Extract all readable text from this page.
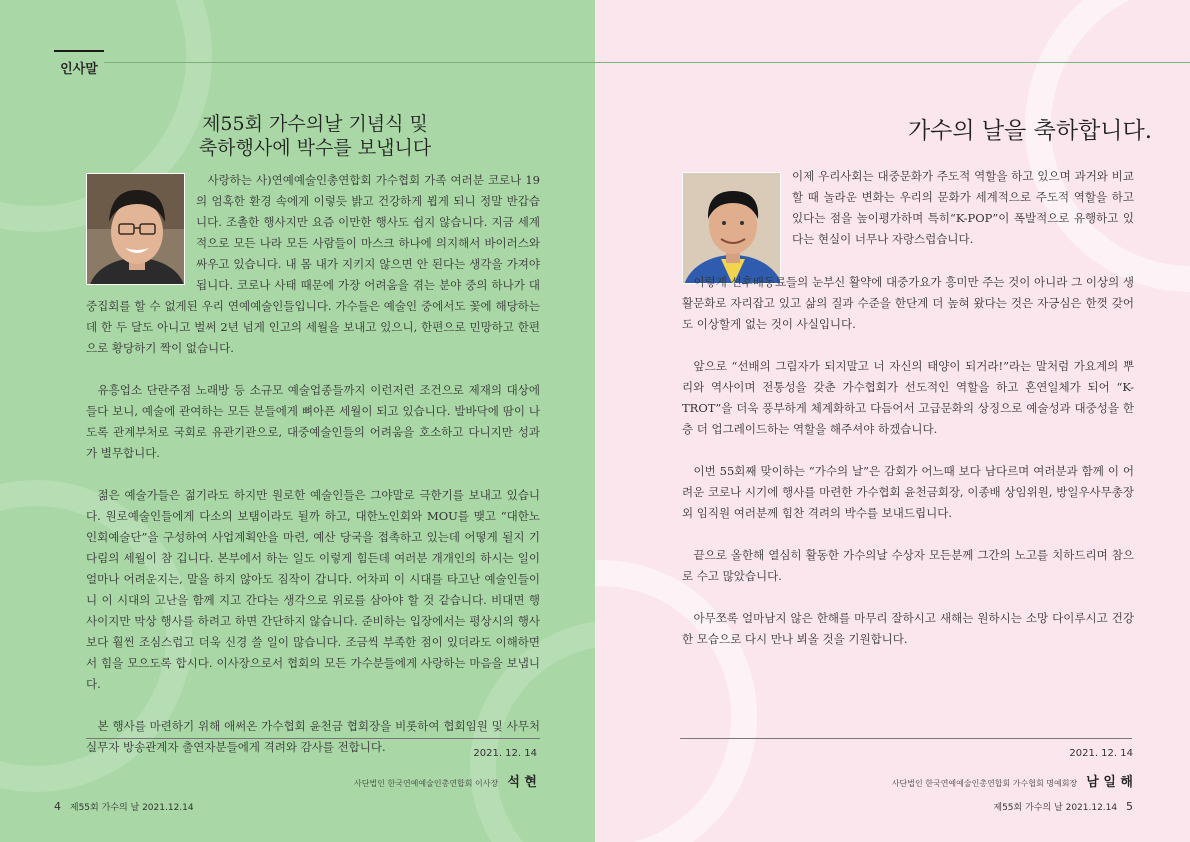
인사말
제55회 가수의날 기념식 및
축하행사에 박수를 보냅니다

사랑하는 사)연예예술인총연합회 가수협회 가족 여러분 코로나 19의 엄혹한 환경 속에게 이렇듯 밝고 건강하게 뵙게 되니 정말 반갑습니다. 조촐한 행사지만 요즘 이만한 행사도 쉽지 않습니다. 지금 세계적으로 모든 나라 모든 사람들이 마스크 하나에 의지해서 바이러스와 싸우고 있습니다. 내 몸 내가 지키지 않으면 안 된다는 생각을 가져야 됩니다. 코로나 사태 때문에 가장 어려움을 겪는 분야 중의 하나가 대중집회를 할 수 없게된 우리 연예예술인들입니다. 가수들은 예술인 중에서도 꽃에 해당하는데 한 두 달도 아니고 벌써 2년 넘게 인고의 세월을 보내고 있으니, 한편으로 민망하고 한편으로 황당하기 짝이 없습니다.

유흥업소 단란주점 노래방 등 소규모 예술업종들까지 이런저런 조건으로 제재의 대상에 들다 보니, 예술에 관여하는 모든 분들에게 뼈아픈 세월이 되고 있습니다. 발바닥에 땀이 나도록 관계부처로 국회로 유관기관으로, 대중예술인들의 어려움을 호소하고 다니지만 성과가 별무합니다.

젊은 예술가들은 젊기라도 하지만 원로한 예술인들은 그야말로 극한기를 보내고 있습니다. 원로예술인들에게 다소의 보탬이라도 될까 하고, 대한노인회와 MOU를 맺고 “대한노인회예술단”을 구성하여 사업계획안을 마련, 예산 당국을 접촉하고 있는데 어떻게 될지 기다림의 세월이 참 깁니다. 본부에서 하는 일도 이렇게 힘든데 여러분 개개인의 하시는 일이 얼마나 어려운지는, 말을 하지 않아도 짐작이 갑니다. 어차피 이 시대를 타고난 예술인들이니 이 시대의 고난을 함께 지고 간다는 생각으로 위로를 삼아야 할 것 같습니다. 비대면 행사이지만 막상 행사를 하려고 하면 간단하지 않습니다. 준비하는 입장에서는 평상시의 행사보다 훨씬 조심스럽고 더욱 신경 쓸 일이 많습니다. 조금씩 부족한 점이 있더라도 이해하면서 힘을 모으도록 합시다. 이사장으로서 협회의 모든 가수분들에게 사랑하는 마음을 보냅니다.

본 행사를 마련하기 위해 애써온 가수협회 윤천금 협회장을 비롯하여 협회임원 및 사무처 실무자 방송관계자 출연자분들에게 격려와 감사를 전합니다.	2021. 12. 14
사단법인 한국연예예술인총연합회 이사장 석 현
4 제55회 가수의 날 2021.12.14
가수의 날을 축하합니다.

이제 우리사회는 대중문화가 주도적 역할을 하고 있으며 과거와 비교 할 때 놀라운 변화는 우리의 문화가 세계적으로 주도적 역할을 하고 있다는 점을 높이평가하며 특히“K-POP”이 폭발적으로 유행하고 있다는 현실이 너무나 자랑스럽습니다.

이렇게 선후배동료들의 눈부신 활약에 대중가요가 흥미만 주는 것이 아니라 그 이상의 생활문화로 자리잡고 있고 삶의 질과 수준을 한단계 더 높혀 왔다는 것은 자긍심은 한껏 갖어도 이상할게 없는 것이 사실입니다.

앞으로 “선배의 그림자가 되지말고 너 자신의 태양이 되거라!”라는 말처럼 가요계의 뿌리와 역사이며 전통성을 갖춘 가수협회가 선도적인 역할을 하고 혼연일체가 되어 “K-TROT”을 더욱 풍부하게 체계화하고 다듬어서 고급문화의 상징으로 예술성과 대중성을 한층 더 업그레이드하는 역할을 해주셔야 하겠습니다.

이번 55회째 맞이하는 “가수의 날”은 감회가 어느때 보다 남다르며 여러분과 함께 이 어려운 코로나 시기에 행사를 마련한 가수협회 윤천금회장, 이종배 상임위원, 방일우사무총장 외 임직원 여러분께 힘찬 격려의 박수를 보내드립니다.

끝으로 올한해 열심히 활동한 가수의날 수상자 모든분께 그간의 노고를 치하드리며 참으로 수고 많았습니다.

아무쪼록 얼마남지 않은 한해를 마무리 잘하시고 새해는 원하시는 소망 다이루시고 건강한 모습으로 다시 만나 뵈올 것을 기원합니다.

2021. 12. 14
사단법인 한국연예예술인총연합회 가수협회 명예회장 남 일 해
제55회 가수의 날 2021.12.14 5
